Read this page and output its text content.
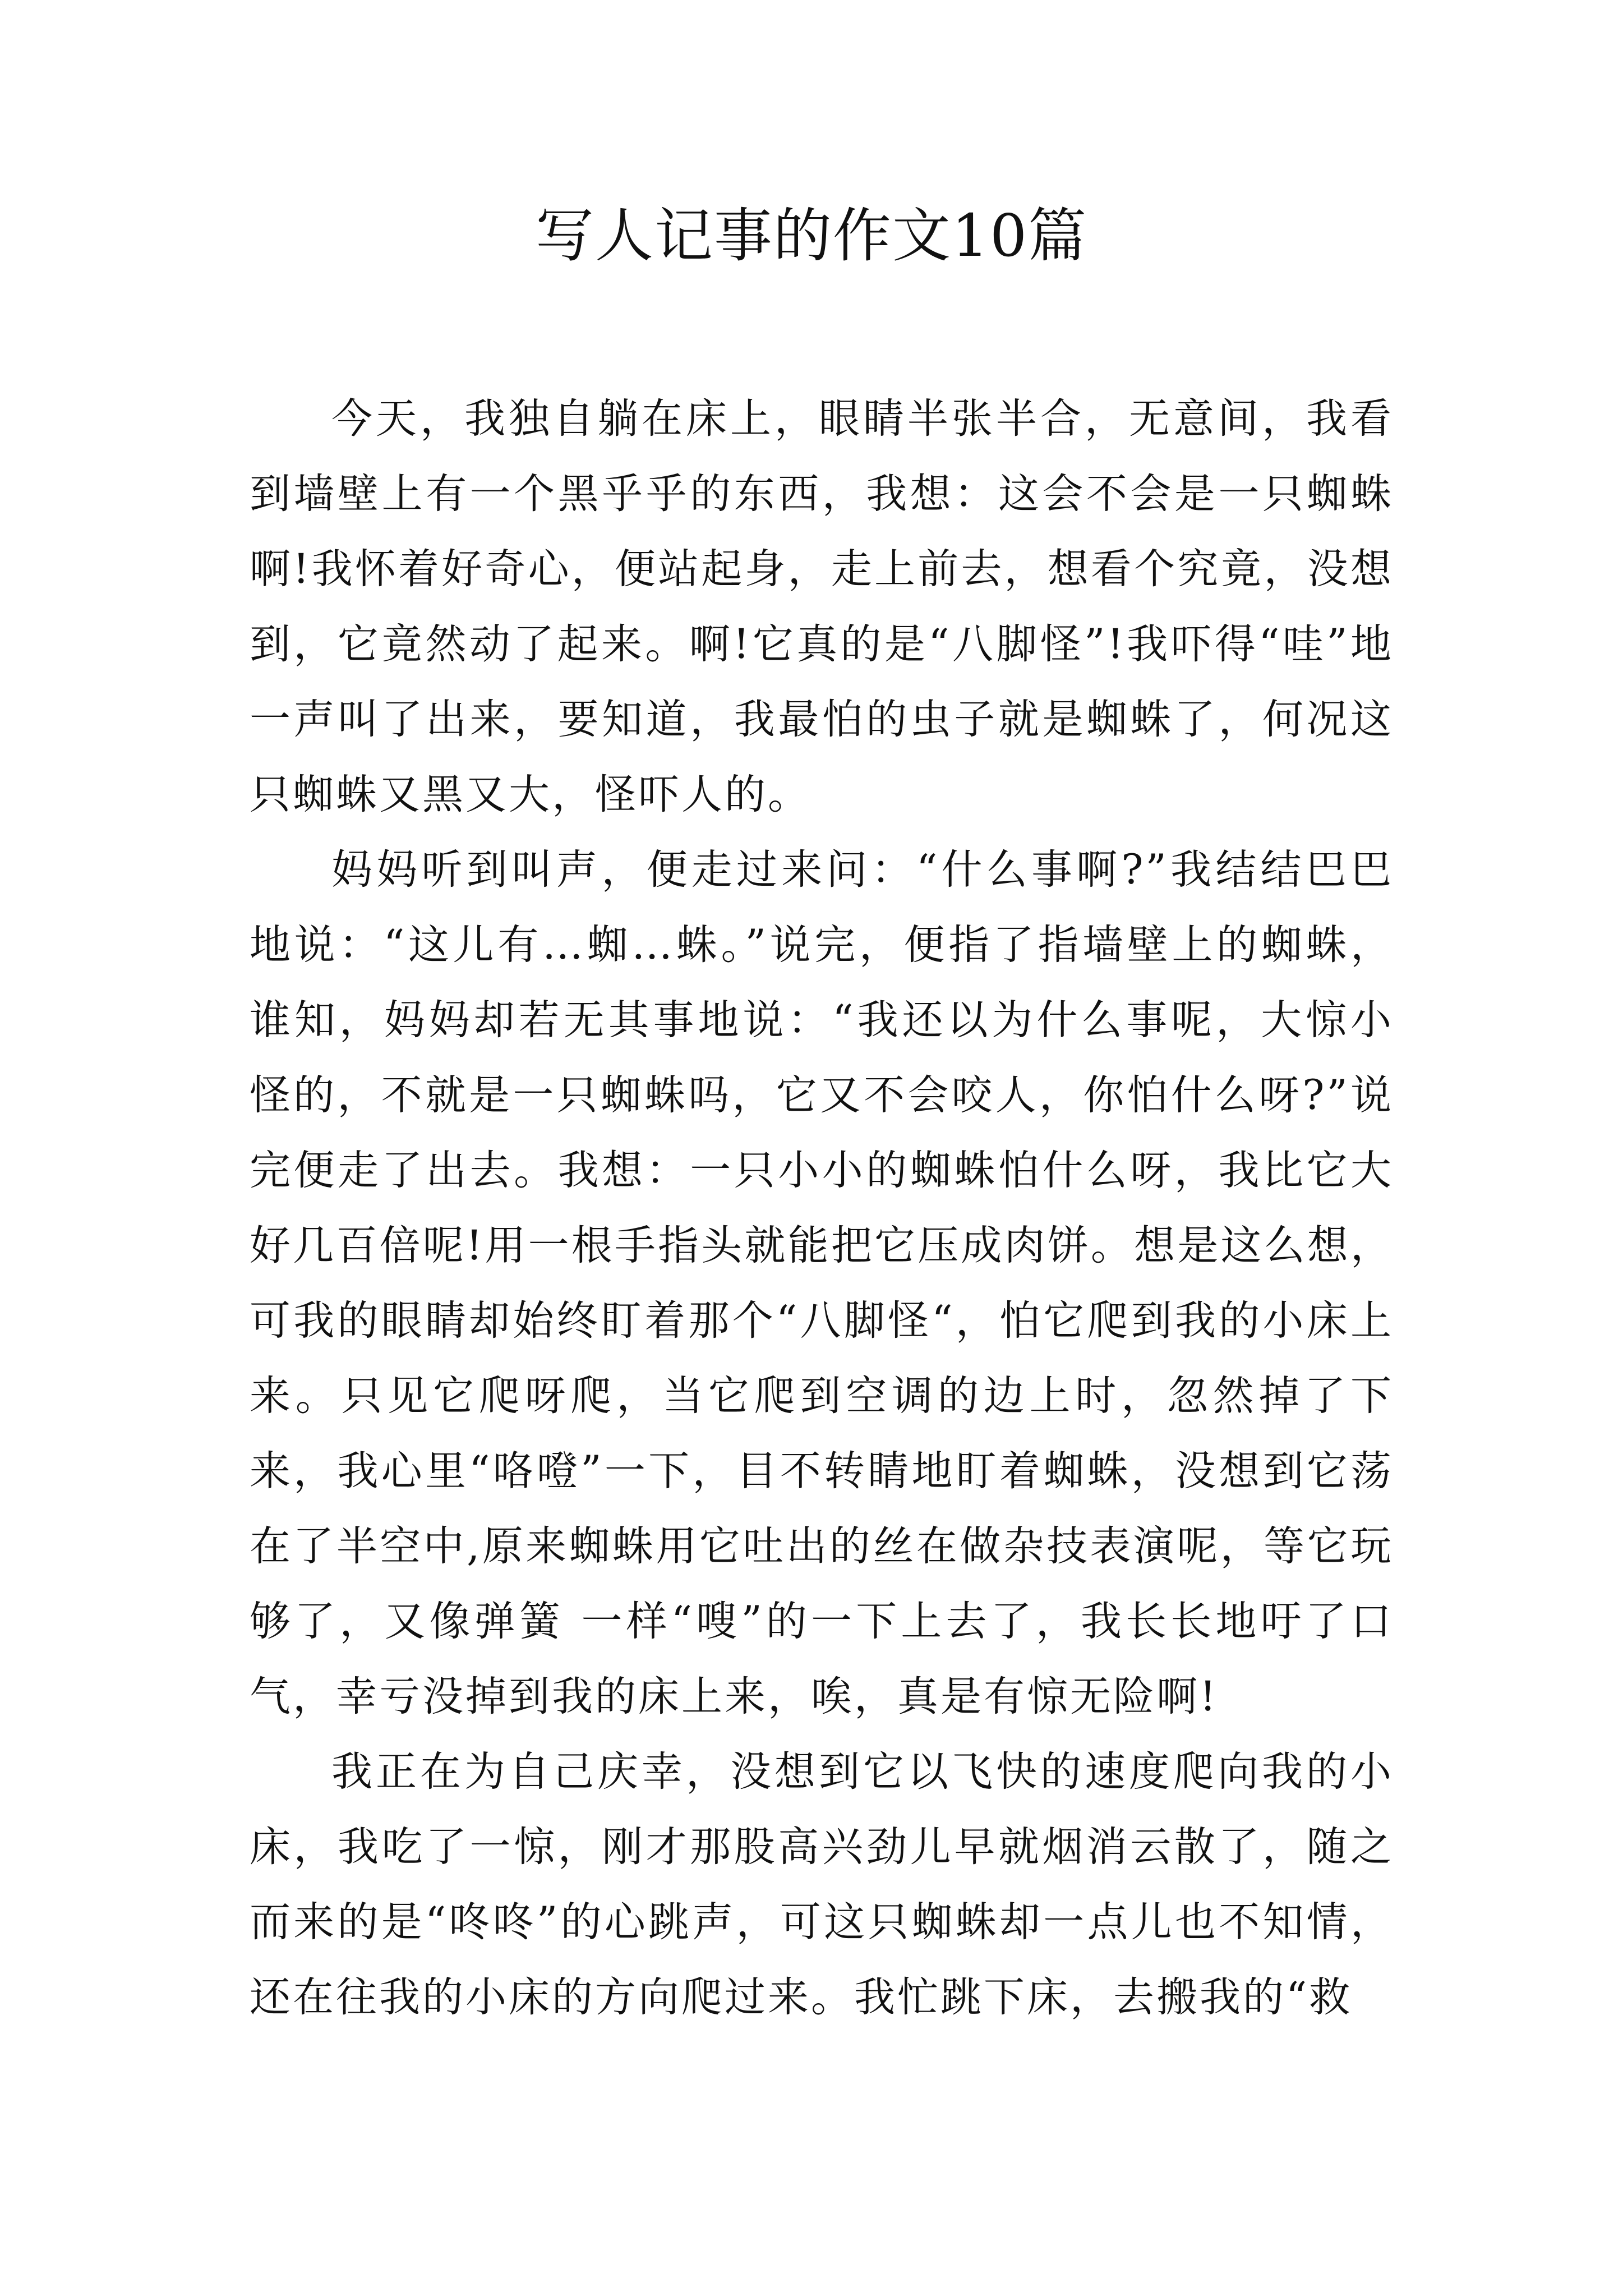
写人记事的作文10篇

今天，我独自躺在床上，眼睛半张半合，无意间，我看到墙壁上有一个黑乎乎的东西，我想：这会不会是一只蜘蛛啊!我怀着好奇心，便站起身，走上前去，想看个究竟，没想到，它竟然动了起来。啊!它真的是“八脚怪”!我吓得“哇”地一声叫了出来，要知道，我最怕的虫子就是蜘蛛了，何况这只蜘蛛又黑又大，怪吓人的。

妈妈听到叫声，便走过来问：“什么事啊?”我结结巴巴地说：“这儿有…蜘…蛛。”说完，便指了指墙壁上的蜘蛛，谁知，妈妈却若无其事地说：“我还以为什么事呢，大惊小怪的，不就是一只蜘蛛吗，它又不会咬人，你怕什么呀?”说完便走了出去。我想：一只小小的蜘蛛怕什么呀，我比它大好几百倍呢!用一根手指头就能把它压成肉饼。想是这么想，可我的眼睛却始终盯着那个“八脚怪“，怕它爬到我的小床上来。只见它爬呀爬，当它爬到空调的边上时，忽然掉了下来，我心里“咯噔”一下，目不转睛地盯着蜘蛛，没想到它荡在了半空中,原来蜘蛛用它吐出的丝在做杂技表演呢，等它玩够了，又像弹簧 一样“嗖”的一下上去了，我长长地吁了口气，幸亏没掉到我的床上来，唉，真是有惊无险啊!

我正在为自己庆幸，没想到它以飞快的速度爬向我的小床，我吃了一惊，刚才那股高兴劲儿早就烟消云散了，随之而来的是“咚咚”的心跳声，可这只蜘蛛却一点儿也不知情，还在往我的小床的方向爬过来。我忙跳下床，去搬我的“救
